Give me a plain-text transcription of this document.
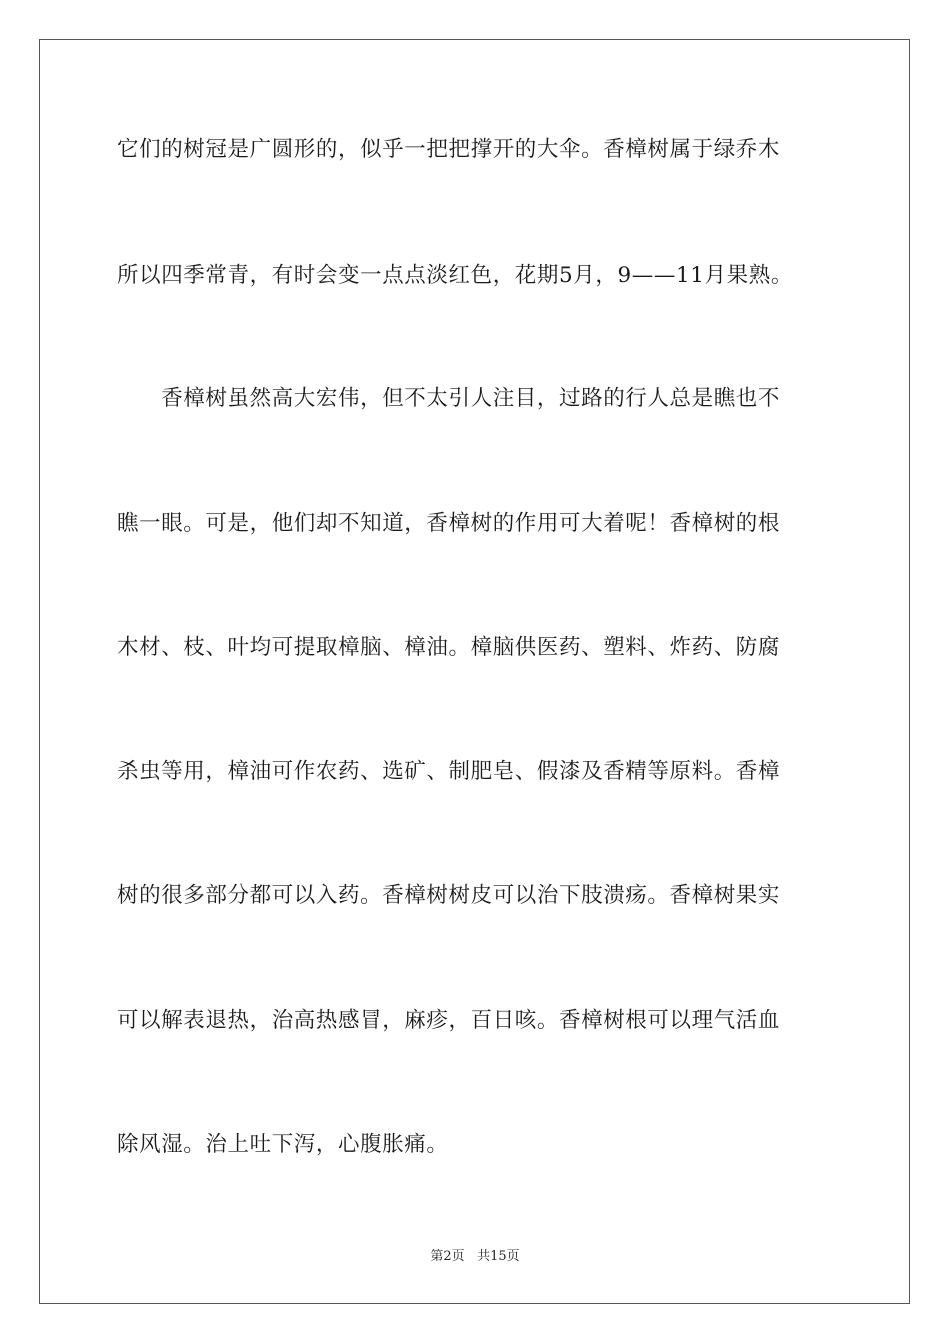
它们的树冠是广圆形的，似乎一把把撑开的大伞。香樟树属于绿乔木
所以四季常青，有时会变一点点淡红色，花期5月，9——11月果熟。
　　香樟树虽然高大宏伟，但不太引人注目，过路的行人总是瞧也不
瞧一眼。可是，他们却不知道，香樟树的作用可大着呢！香樟树的根
木材、枝、叶均可提取樟脑、樟油。樟脑供医药、塑料、炸药、防腐
杀虫等用，樟油可作农药、选矿、制肥皂、假漆及香精等原料。香樟
树的很多部分都可以入药。香樟树树皮可以治下肢溃疡。香樟树果实
可以解表退热，治高热感冒，麻疹，百日咳。香樟树根可以理气活血
除风湿。治上吐下泻，心腹胀痛。
第2页 共15页
